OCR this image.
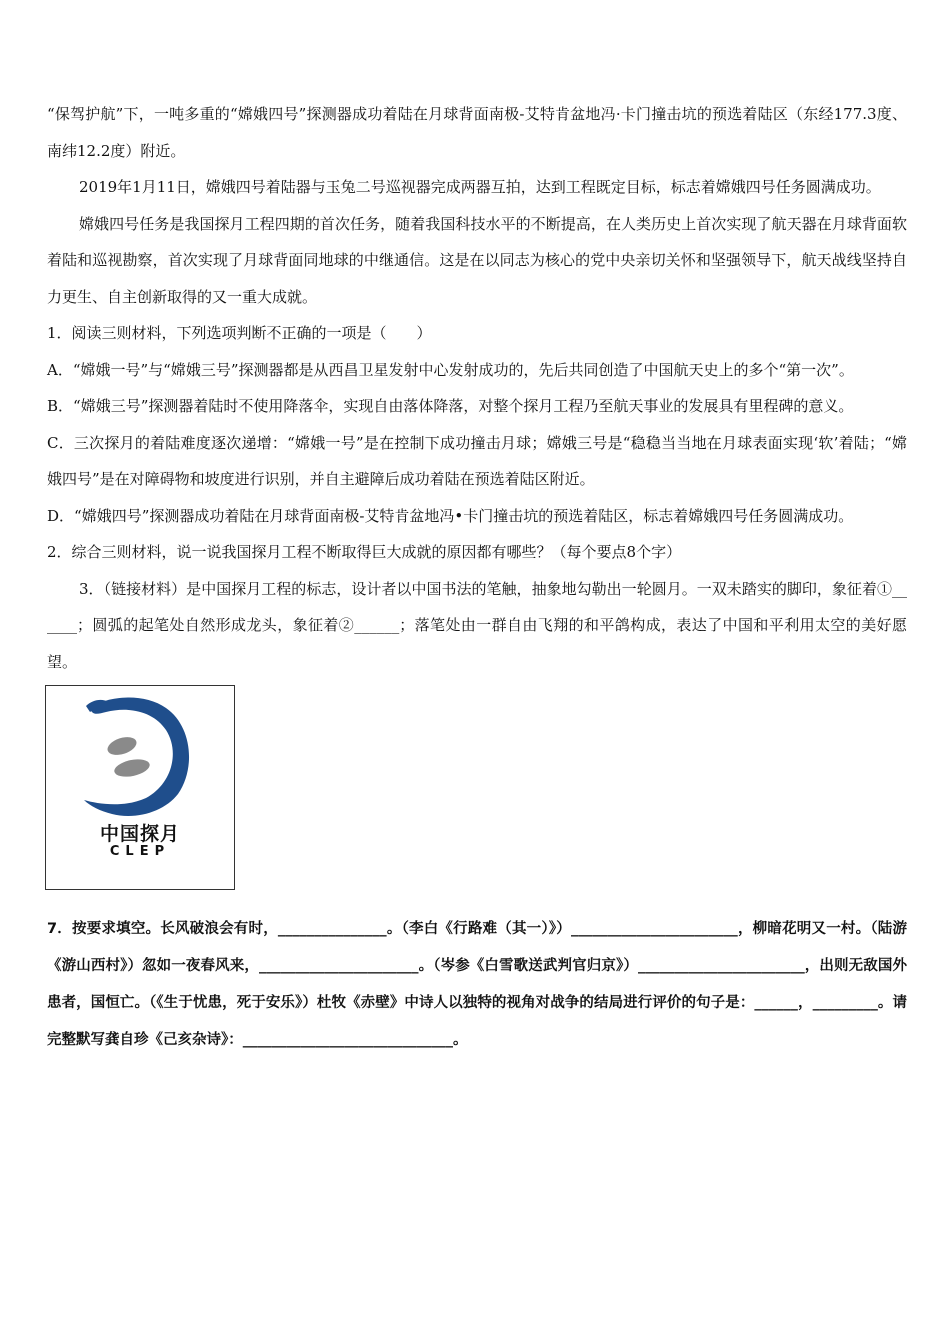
“保驾护航”下，一吨多重的“嫦娥四号”探测器成功着陆在月球背面南极-艾特肯盆地冯·卡门撞击坑的预选着陆区（东经177.3度、南纬12.2度）附近。

2019年1月11日，嫦娥四号着陆器与玉兔二号巡视器完成两器互拍，达到工程既定目标，标志着嫦娥四号任务圆满成功。

嫦娥四号任务是我国探月工程四期的首次任务，随着我国科技水平的不断提高，在人类历史上首次实现了航天器在月球背面软着陆和巡视勘察，首次实现了月球背面同地球的中继通信。这是在以同志为核心的党中央亲切关怀和坚强领导下，航天战线坚持自力更生、自主创新取得的又一重大成就。

1．阅读三则材料，下列选项判断不正确的一项是（　　）

A．“嫦娥一号”与“嫦娥三号”探测器都是从西昌卫星发射中心发射成功的，先后共同创造了中国航天史上的多个“第一次”。

B．“嫦娥三号”探测器着陆时不使用降落伞，实现自由落体降落，对整个探月工程乃至航天事业的发展具有里程碑的意义。

C．三次探月的着陆难度逐次递增：“嫦娥一号”是在控制下成功撞击月球；嫦娥三号是“稳稳当当地在月球表面实现‘软’着陆；“嫦娥四号”是在对障碍物和坡度进行识别，并自主避障后成功着陆在预选着陆区附近。

D．“嫦娥四号”探测器成功着陆在月球背面南极-艾特肯盆地冯•卡门撞击坑的预选着陆区，标志着嫦娥四号任务圆满成功。

2．综合三则材料，说一说我国探月工程不断取得巨大成就的原因都有哪些？（每个要点8个字）

3．（链接材料）是中国探月工程的标志，设计者以中国书法的笔触，抽象地勾勒出一轮圆月。一双未踏实的脚印，象征着①______；圆弧的起笔处自然形成龙头，象征着②______；落笔处由一群自由飞翔的和平鸽构成，表达了中国和平利用太空的美好愿望。

中国探月
CLEP

7．按要求填空。长风破浪会有时，_______________。（李白《行路难（其一）》）_______________________，柳暗花明又一村。（陆游《游山西村》）忽如一夜春风来，______________________。（岑参《白雪歌送武判官归京》）_______________________，出则无敌国外患者，国恒亡。（《生于忧患，死于安乐》）杜牧《赤壁》中诗人以独特的视角对战争的结局进行评价的句子是：______，_________。请完整默写龚自珍《己亥杂诗》：_____________________________。
